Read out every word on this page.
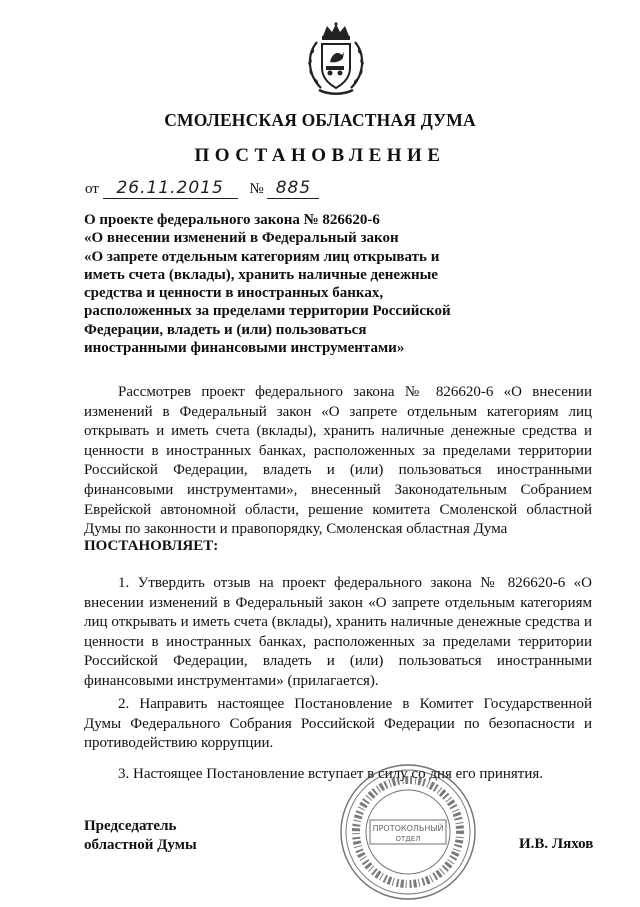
СМОЛЕНСКАЯ ОБЛАСТНАЯ ДУМА
ПОСТАНОВЛЕНИЕ
от 26.11.2015 № 885
О проекте федерального закона № 826620-6
«О внесении изменений в Федеральный закон
«О запрете отдельным категориям лиц открывать и
иметь счета (вклады), хранить наличные денежные
средства и ценности в иностранных банках,
расположенных за пределами территории Российской
Федерации, владеть и (или) пользоваться
иностранными финансовыми инструментами»
Рассмотрев проект федерального закона № 826620-6 «О внесении изменений в Федеральный закон «О запрете отдельным категориям лиц открывать и иметь счета (вклады), хранить наличные денежные средства и ценности в иностранных банках, расположенных за пределами территории Российской Федерации, владеть и (или) пользоваться иностранными финансовыми инструментами», внесенный Законодательным Собранием Еврейской автономной области, решение комитета Смоленской областной Думы по законности и правопорядку, Смоленская областная Дума
ПОСТАНОВЛЯЕТ:
1. Утвердить отзыв на проект федерального закона № 826620-6 «О внесении изменений в Федеральный закон «О запрете отдельным категориям лиц открывать и иметь счета (вклады), хранить наличные денежные средства и ценности в иностранных банках, расположенных за пределами территории Российской Федерации, владеть и (или) пользоваться иностранными финансовыми инструментами» (прилагается).
2. Направить настоящее Постановление в Комитет Государственной Думы Федерального Собрания Российской Федерации по безопасности и противодействию коррупции.
3. Настоящее Постановление вступает в силу со дня его принятия.
Председатель
областной Думы	И.В. Ляхов
ПРОТОКОЛЬНЫЙ
ОТДЕЛ
